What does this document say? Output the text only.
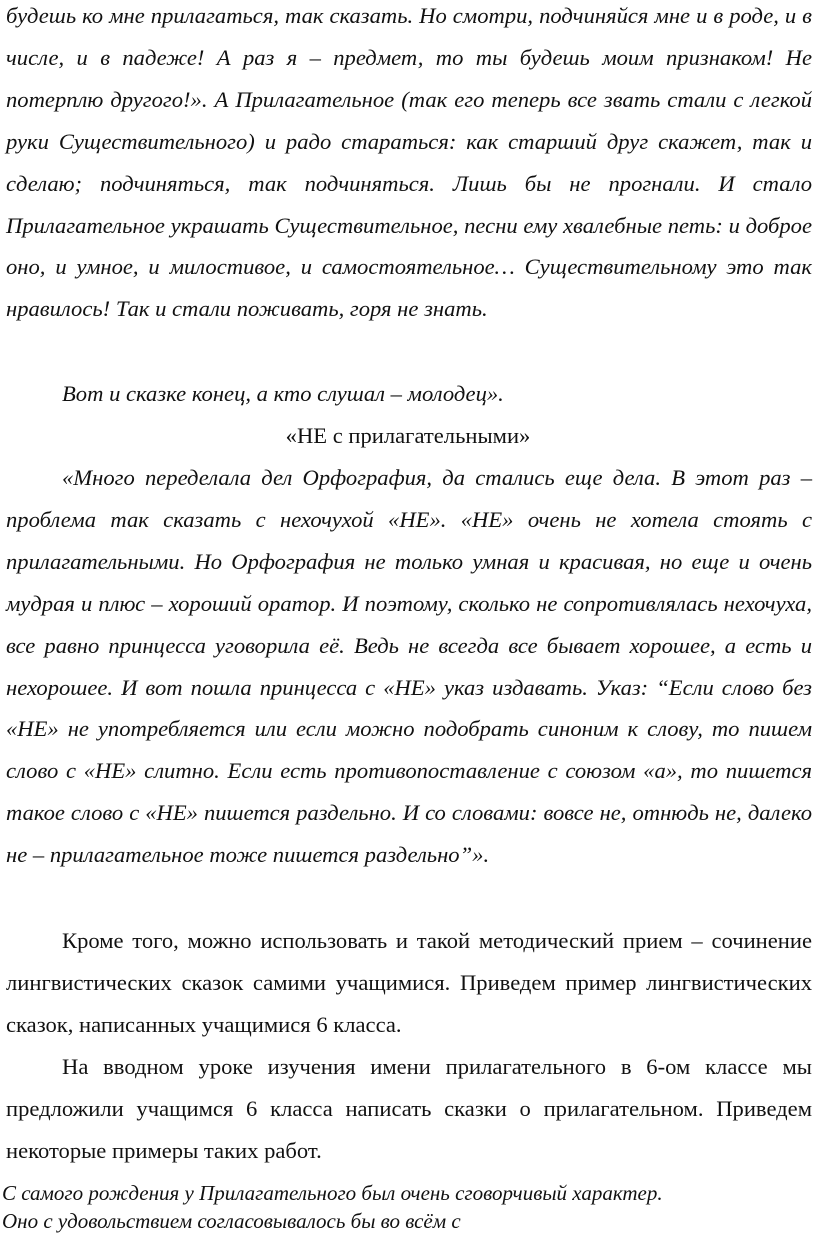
будешь ко мне прилагаться, так сказать. Но смотри, подчиняйся мне и в роде, и в числе, и в падеже! А раз я – предмет, то ты будешь моим признаком! Не потерплю другого!». А Прилагательное (так его теперь все звать стали с легкой руки Существительного) и радо стараться: как старший друг скажет, так и сделаю; подчиняться, так подчиняться. Лишь бы не прогнали. И стало Прилагательное украшать Существительное, песни ему хвалебные петь: и доброе оно, и умное, и милостивое, и самостоятельное… Существительному это так нравилось! Так и стали поживать, горя не знать.

Вот и сказке конец, а кто слушал – молодец».

«НЕ с прилагательными»

«Много переделала дел Орфография, да стались еще дела. В этот раз – проблема так сказать с нехочухой «НЕ». «НЕ» очень не хотела стоять с прилагательными. Но Орфография не только умная и красивая, но еще и очень мудрая и плюс – хороший оратор. И поэтому, сколько не сопротивлялась нехочуха, все равно принцесса уговорила её. Ведь не всегда все бывает хорошее, а есть и нехорошее. И вот пошла принцесса с «НЕ» указ издавать. Указ: “Если слово без «НЕ» не употребляется или если можно подобрать синоним к слову, то пишем слово с «НЕ» слитно. Если есть противопоставление с союзом «а», то пишется такое слово с «НЕ» пишется раздельно. И со словами: вовсе не, отнюдь не, далеко не – прилагательное тоже пишется раздельно”».

Кроме того, можно использовать и такой методический прием – сочинение лингвистических сказок самими учащимися. Приведем пример лингвистических сказок, написанных учащимися 6 класса.

На вводном уроке изучения имени прилагательного в 6-ом классе мы предложили учащимся 6 класса написать сказки о прилагательном. Приведем некоторые примеры таких работ.

С самого рождения у Прилагательного был очень сговорчивый характер.

Оно с удовольствием согласовывалось бы во всём с
